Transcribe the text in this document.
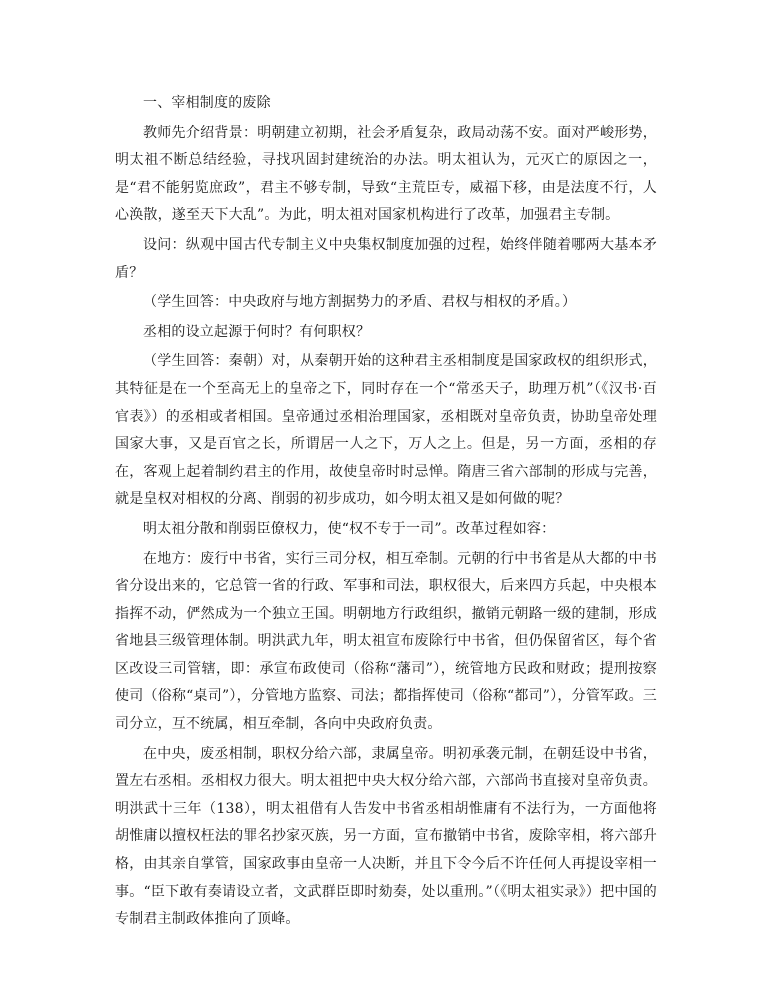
一、宰相制度的废除

教师先介绍背景：明朝建立初期，社会矛盾复杂，政局动荡不安。面对严峻形势，明太祖不断总结经验，寻找巩固封建统治的办法。明太祖认为，元灭亡的原因之一，是“君不能躬览庶政”，君主不够专制，导致“主荒臣专，威福下移，由是法度不行，人心涣散，遂至天下大乱”。为此，明太祖对国家机构进行了改革，加强君主专制。

设问：纵观中国古代专制主义中央集权制度加强的过程，始终伴随着哪两大基本矛盾？

（学生回答：中央政府与地方割据势力的矛盾、君权与相权的矛盾。）

丞相的设立起源于何时？有何职权？

（学生回答：秦朝）对，从秦朝开始的这种君主丞相制度是国家政权的组织形式，其特征是在一个至高无上的皇帝之下，同时存在一个“常丞天子，助理万机”（《汉书·百官表》）的丞相或者相国。皇帝通过丞相治理国家，丞相既对皇帝负责，协助皇帝处理国家大事，又是百官之长，所谓居一人之下，万人之上。但是，另一方面，丞相的存在，客观上起着制约君主的作用，故使皇帝时时忌惮。隋唐三省六部制的形成与完善，就是皇权对相权的分离、削弱的初步成功，如今明太祖又是如何做的呢？

明太祖分散和削弱臣僚权力，使“权不专于一司”。改革过程如容：

在地方：废行中书省，实行三司分权，相互牵制。元朝的行中书省是从大都的中书省分设出来的，它总管一省的行政、军事和司法，职权很大，后来四方兵起，中央根本指挥不动，俨然成为一个独立王国。明朝地方行政组织，撤销元朝路一级的建制，形成省地县三级管理体制。明洪武九年，明太祖宣布废除行中书省，但仍保留省区，每个省区改设三司管辖，即：承宣布政使司（俗称“藩司”），统管地方民政和财政；提刑按察使司（俗称“桌司”），分管地方监察、司法；都指挥使司（俗称“都司”），分管军政。三司分立，互不统属，相互牵制，各向中央政府负责。

在中央，废丞相制，职权分给六部，隶属皇帝。明初承袭元制，在朝廷设中书省，置左右丞相。丞相权力很大。明太祖把中央大权分给六部，六部尚书直接对皇帝负责。明洪武十三年（138），明太祖借有人告发中书省丞相胡惟庸有不法行为，一方面他将胡惟庸以擅权枉法的罪名抄家灭族，另一方面，宣布撤销中书省，废除宰相，将六部升格，由其亲自掌管，国家政事由皇帝一人决断，并且下令今后不许任何人再提设宰相一事。“臣下敢有奏请设立者，文武群臣即时劾奏，处以重刑。”（《明太祖实录》）把中国的专制君主制政体推向了顶峰。
